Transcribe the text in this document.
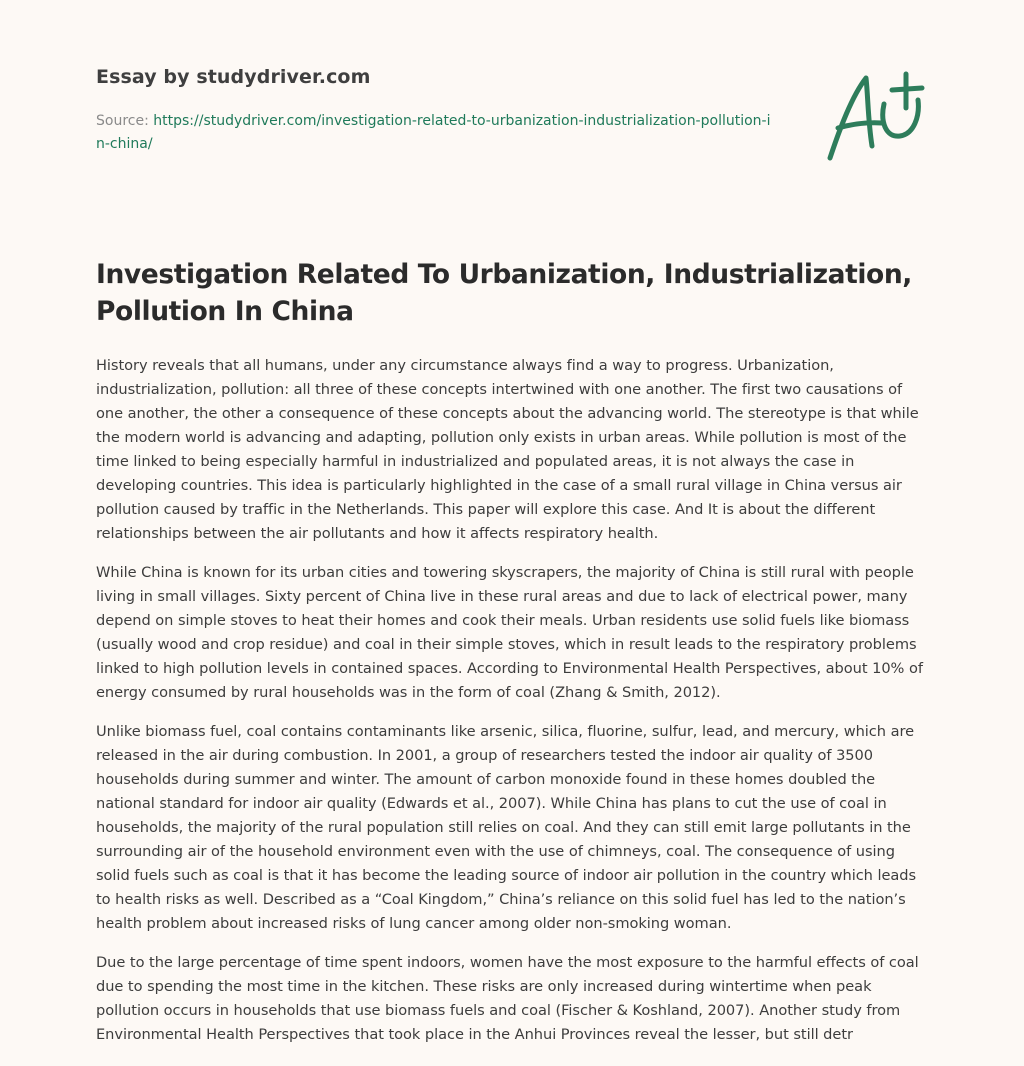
Essay by studydriver.com
Source: https://studydriver.com/investigation-related-to-urbanization-industrialization-pollution-in-china/
Investigation Related To Urbanization, Industrialization, Pollution In China

History reveals that all humans, under any circumstance always find a way to progress. Urbanization, industrialization, pollution: all three of these concepts intertwined with one another. The first two causations of one another, the other a consequence of these concepts about the advancing world. The stereotype is that while the modern world is advancing and adapting, pollution only exists in urban areas. While pollution is most of the time linked to being especially harmful in industrialized and populated areas, it is not always the case in developing countries. This idea is particularly highlighted in the case of a small rural village in China versus air pollution caused by traffic in the Netherlands. This paper will explore this case. And It is about the different relationships between the air pollutants and how it affects respiratory health.

While China is known for its urban cities and towering skyscrapers, the majority of China is still rural with people living in small villages. Sixty percent of China live in these rural areas and due to lack of electrical power, many depend on simple stoves to heat their homes and cook their meals. Urban residents use solid fuels like biomass (usually wood and crop residue) and coal in their simple stoves, which in result leads to the respiratory problems linked to high pollution levels in contained spaces. According to Environmental Health Perspectives, about 10% of energy consumed by rural households was in the form of coal (Zhang & Smith, 2012).

Unlike biomass fuel, coal contains contaminants like arsenic, silica, fluorine, sulfur, lead, and mercury, which are released in the air during combustion. In 2001, a group of researchers tested the indoor air quality of 3500 households during summer and winter. The amount of carbon monoxide found in these homes doubled the national standard for indoor air quality (Edwards et al., 2007). While China has plans to cut the use of coal in households, the majority of the rural population still relies on coal. And they can still emit large pollutants in the surrounding air of the household environment even with the use of chimneys, coal. The consequence of using solid fuels such as coal is that it has become the leading source of indoor air pollution in the country which leads to health risks as well. Described as a “Coal Kingdom,” China’s reliance on this solid fuel has led to the nation’s health problem about increased risks of lung cancer among older non-smoking woman.

Due to the large percentage of time spent indoors, women have the most exposure to the harmful effects of coal due to spending the most time in the kitchen. These risks are only increased during wintertime when peak pollution occurs in households that use biomass fuels and coal (Fischer & Koshland, 2007). Another study from Environmental Health Perspectives that took place in the Anhui Provinces reveal the lesser, but still detr
